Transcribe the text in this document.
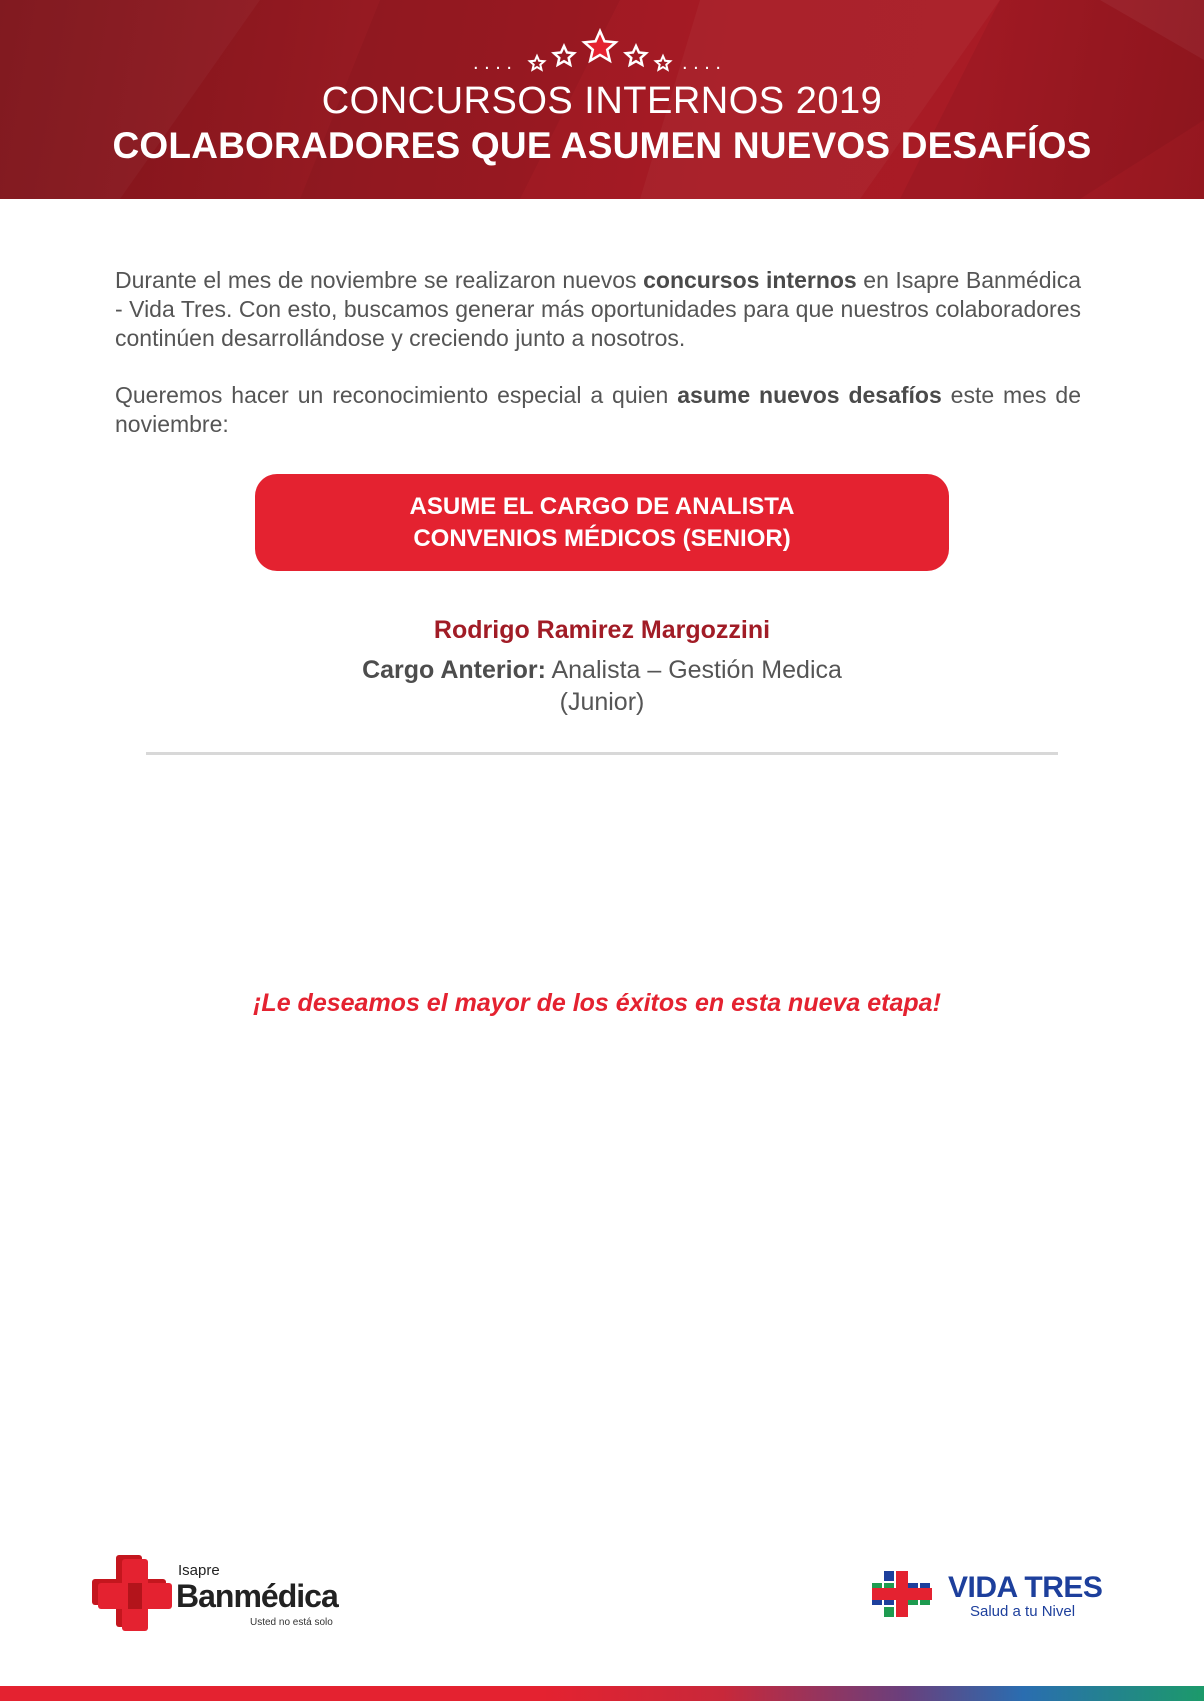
. . . .	. . . .
CONCURSOS INTERNOS 2019
COLABORADORES QUE ASUMEN NUEVOS DESAFÍOS

Durante el mes de noviembre se realizaron nuevos concursos internos en Isapre Banmédica - Vida Tres. Con esto, buscamos generar más oportunidades para que nuestros colaboradores continúen desarrollándose y creciendo junto a nosotros.

Queremos hacer un reconocimiento especial a quien asume nuevos desafíos este mes de noviembre:

ASUME EL CARGO DE ANALISTA
CONVENIOS MÉDICOS (SENIOR)
Rodrigo Ramirez Margozzini
Cargo Anterior: Analista – Gestión Medica (Junior)
¡Le deseamos el mayor de los éxitos en esta nueva etapa!
Isapre
Banmédica
Usted no está solo
VIDA TRES
Salud a tu Nivel
